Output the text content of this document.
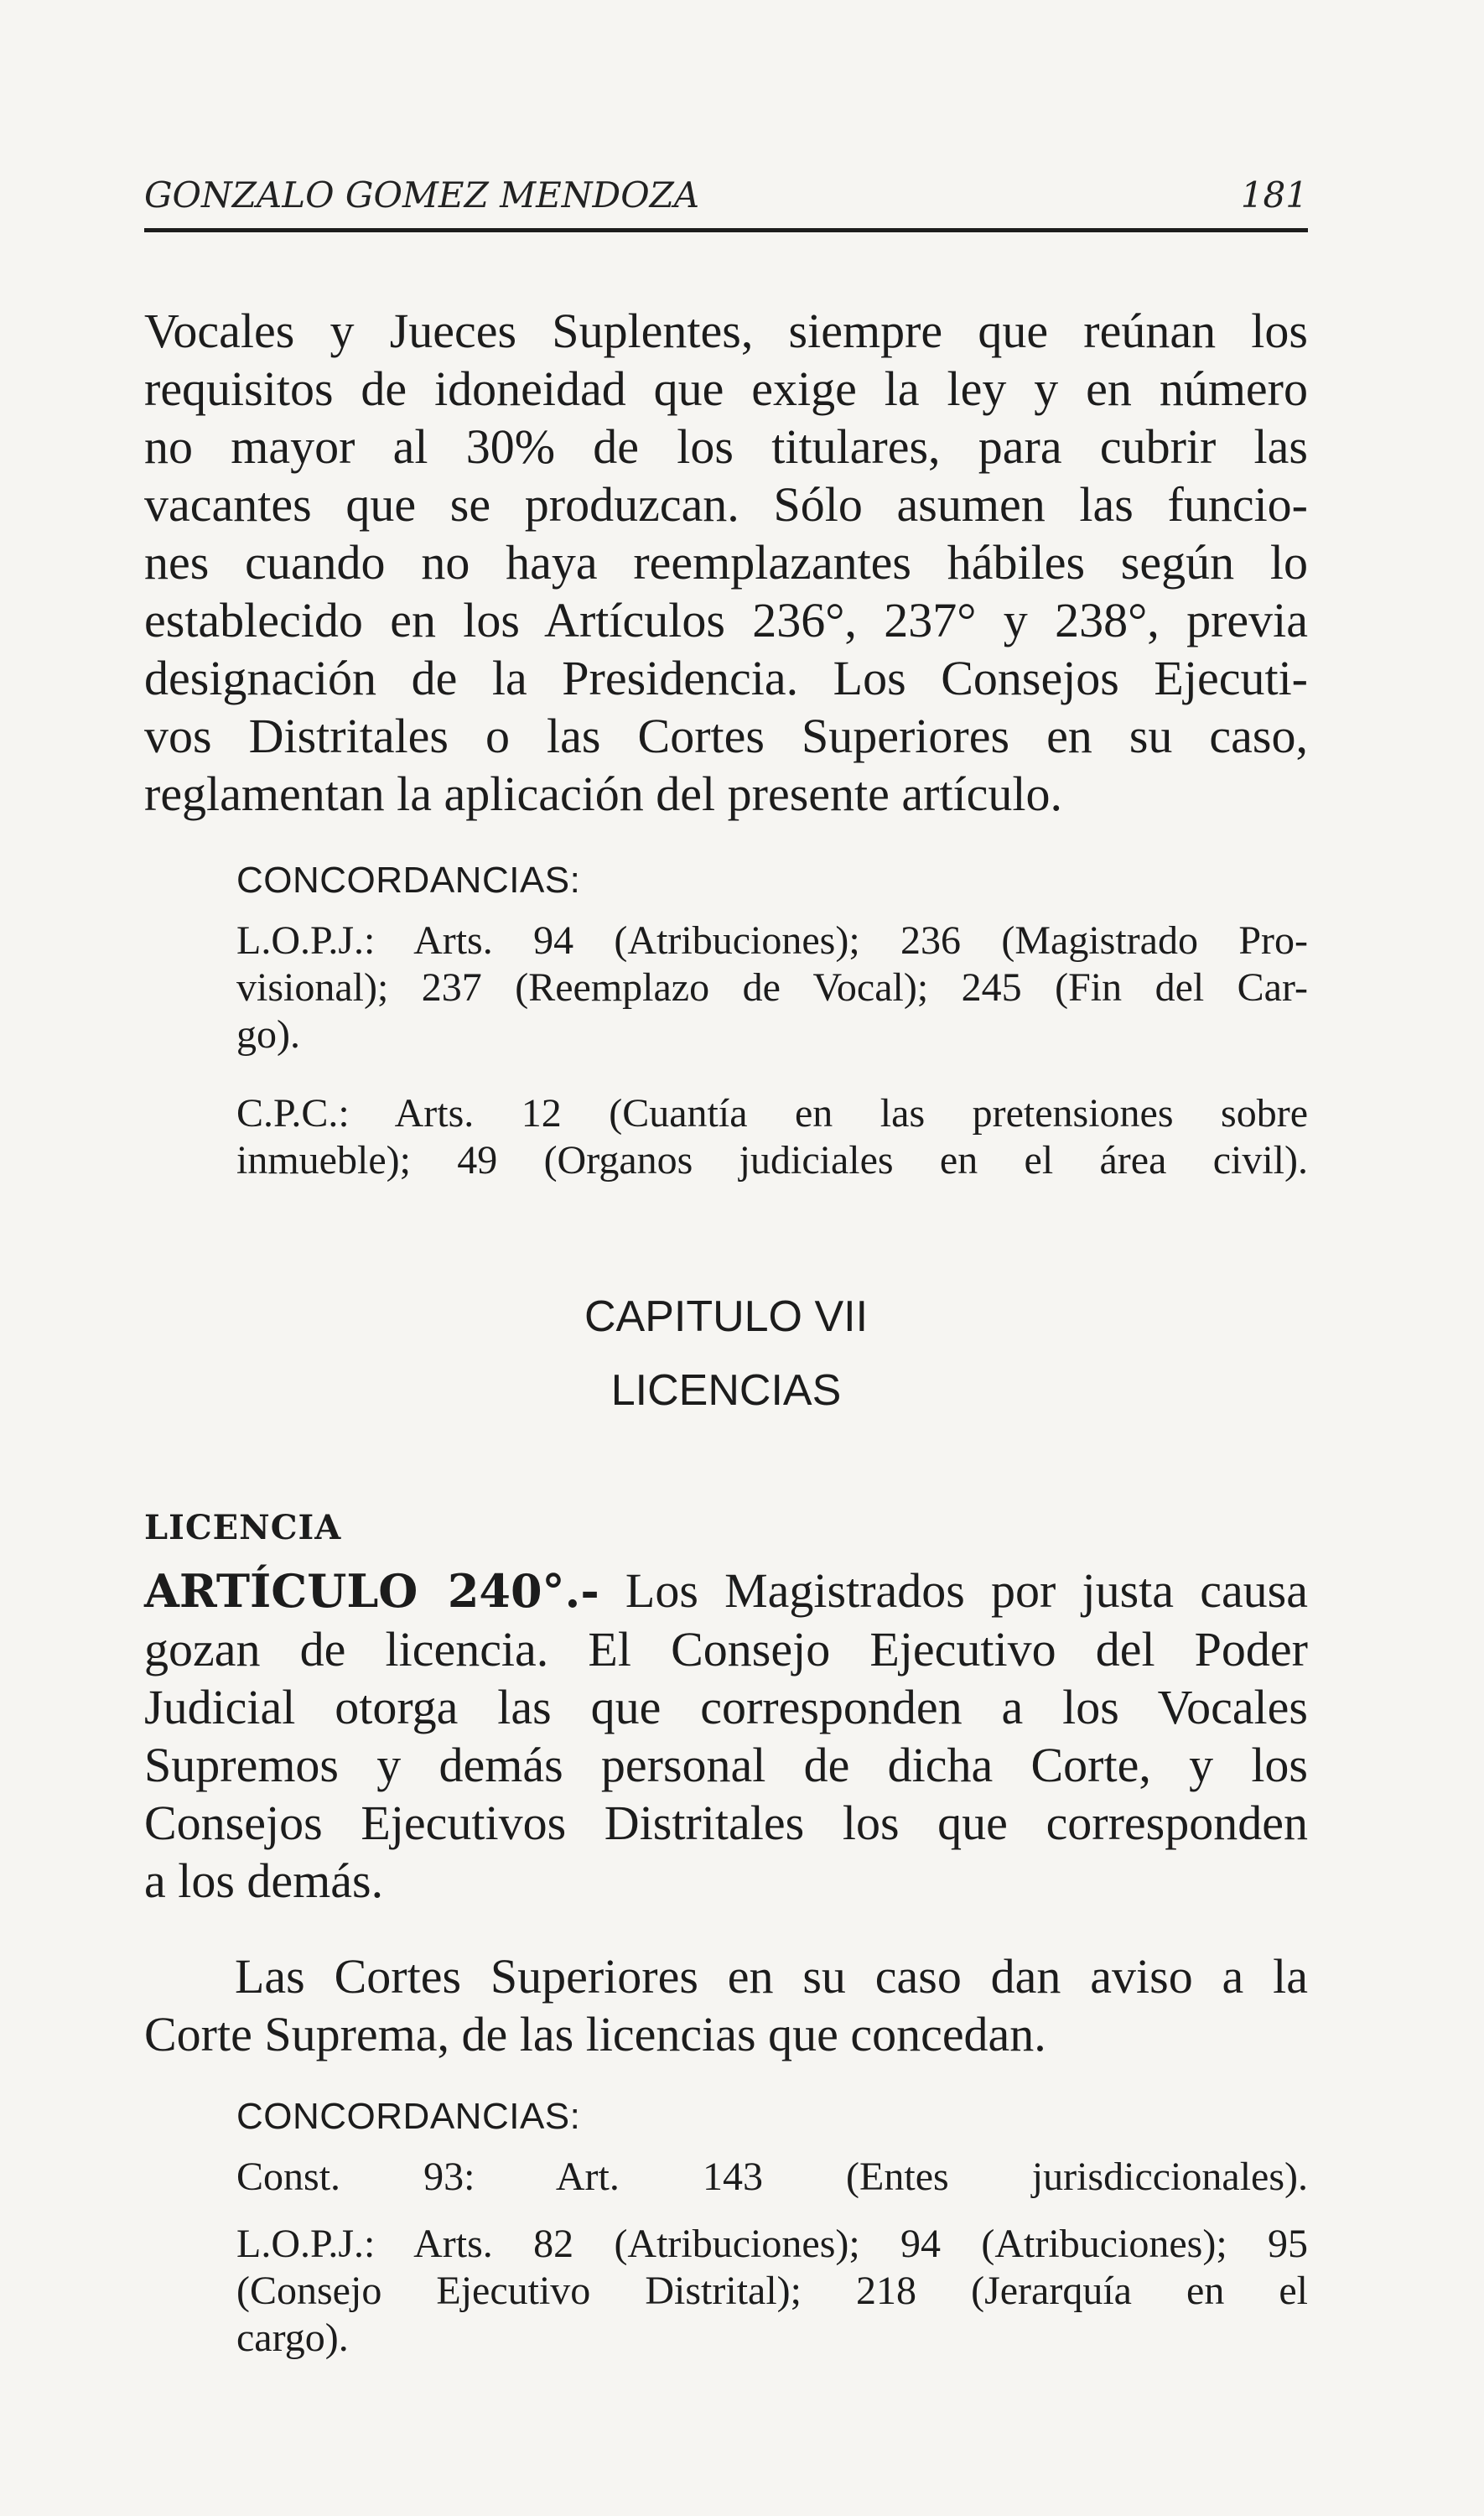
GONZALO GOMEZ MENDOZA	181
Vocales y Jueces Suplentes, siempre que reúnan los
requisitos de idoneidad que exige la ley y en número
no mayor al 30% de los titulares, para cubrir las
vacantes que se produzcan. Sólo asumen las funcio-
nes cuando no haya reemplazantes hábiles según lo
establecido en los Artículos 236°, 237° y 238°, previa
designación de la Presidencia. Los Consejos Ejecuti-
vos Distritales o las Cortes Superiores en su caso,
reglamentan la aplicación del presente artículo.
CONCORDANCIAS:
L.O.P.J.: Arts. 94 (Atribuciones); 236 (Magistrado Pro-
visional); 237 (Reemplazo de Vocal); 245 (Fin del Car-
go).
C.P.C.: Arts. 12 (Cuantía en las pretensiones sobre
inmueble); 49 (Organos judiciales en el área civil).
CAPITULO VII
LICENCIAS
LICENCIA
ARTÍCULO 240°.- Los Magistrados por justa causa
gozan de licencia. El Consejo Ejecutivo del Poder
Judicial otorga las que corresponden a los Vocales
Supremos y demás personal de dicha Corte, y los
Consejos Ejecutivos Distritales los que corresponden
a los demás.
Las Cortes Superiores en su caso dan aviso a la
Corte Suprema, de las licencias que concedan.
CONCORDANCIAS:
Const. 93: Art. 143 (Entes jurisdiccionales).
L.O.P.J.: Arts. 82 (Atribuciones); 94 (Atribuciones); 95
(Consejo Ejecutivo Distrital); 218 (Jerarquía en el
cargo).
